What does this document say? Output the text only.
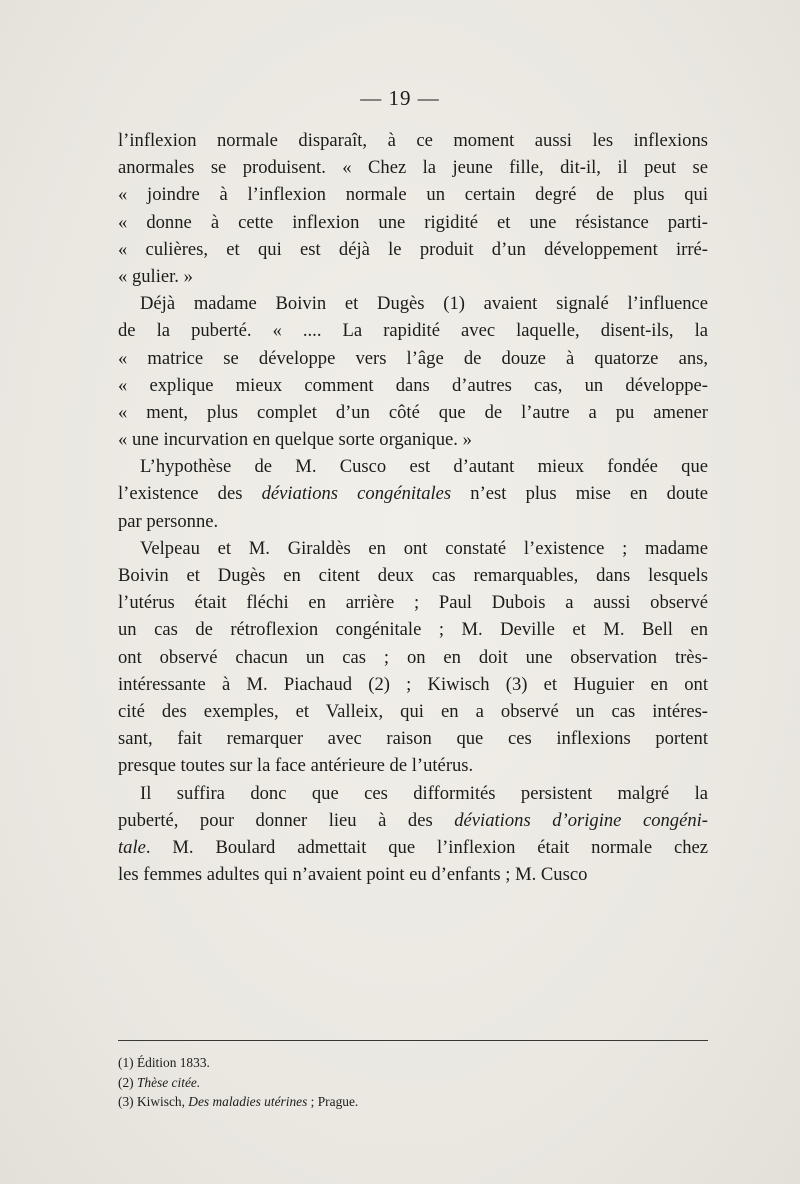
— 19 —
l’inflexion normale disparaît, à ce moment aussi les inflexions
anormales se produisent. « Chez la jeune fille, dit-il, il peut se
« joindre à l’inflexion normale un certain degré de plus qui
« donne à cette inflexion une rigidité et une résistance parti-
« culières, et qui est déjà le produit d’un développement irré-
« gulier. »
Déjà madame Boivin et Dugès (1) avaient signalé l’influence
de la puberté. « .... La rapidité avec laquelle, disent-ils, la
« matrice se développe vers l’âge de douze à quatorze ans,
« explique mieux comment dans d’autres cas, un développe-
« ment, plus complet d’un côté que de l’autre a pu amener
« une incurvation en quelque sorte organique. »
L’hypothèse de M. Cusco est d’autant mieux fondée que
l’existence des déviations congénitales n’est plus mise en doute
par personne.
Velpeau et M. Giraldès en ont constaté l’existence ; madame
Boivin et Dugès en citent deux cas remarquables, dans lesquels
l’utérus était fléchi en arrière ; Paul Dubois a aussi observé
un cas de rétroflexion congénitale ; M. Deville et M. Bell en
ont observé chacun un cas ; on en doit une observation très-
intéressante à M. Piachaud (2) ; Kiwisch (3) et Huguier en ont
cité des exemples, et Valleix, qui en a observé un cas intéres-
sant, fait remarquer avec raison que ces inflexions portent
presque toutes sur la face antérieure de l’utérus.
Il suffira donc que ces difformités persistent malgré la
puberté, pour donner lieu à des déviations d’origine congéni-
tale. M. Boulard admettait que l’inflexion était normale chez
les femmes adultes qui n’avaient point eu d’enfants ; M. Cusco
(1) Édition 1833.
(2) Thèse citée.
(3) Kiwisch, Des maladies utérines ; Prague.
